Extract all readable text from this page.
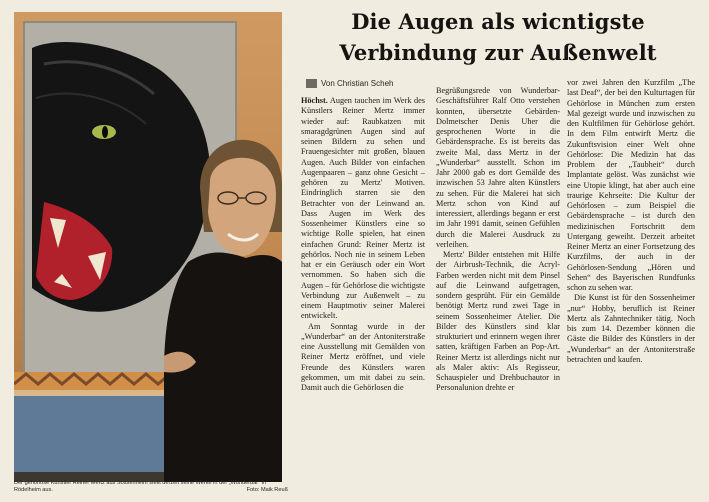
Der gehörlose Künstler Reiner Mertz aus Sossenheim stellt derzeit seine Werke in der „Wunderbar“ in Rödelheim aus.	Foto: Maik Reuß
Die Augen als wicntigste
Verbindung zur Außenwelt
Von Christian Scheh

Höchst. Augen tauchen im Werk des Künstlers Reiner Mertz immer wieder auf: Raubkatzen mit smaragdgrünen Augen sind auf seinen Bildern zu sehen und Frauengesichter mit großen, blauen Augen. Auch Bilder von einfachen Augenpaaren – ganz ohne Gesicht – gehören zu Mertz' Motiven. Eindringlich starren sie den Betrachter von der Leinwand an. Dass Augen im Werk des Sossenheimer Künstlers eine so wichtige Rolle spielen, hat einen einfachen Grund: Reiner Mertz ist gehörlos. Noch nie in seinem Leben hat er ein Geräusch oder ein Wort vernommen. So haben sich die Augen – für Gehörlose die wichtigste Verbindung zur Außenwelt – zu einem Hauptmotiv seiner Malerei entwickelt.

Am Sonntag wurde in der „Wunderbar“ an der Antoniterstraße eine Ausstellung mit Gemälden von Reiner Mertz eröffnet, und viele Freunde des Künstlers waren gekommen, um mit dabei zu sein. Damit auch die Gehörlosen die

Begrüßungsrede von Wunderbar-Geschäftsführer Ralf Otto verstehen konnten, übersetzte Gebärden-Dolmetscher Denis Uher die gesprochenen Worte in die Gebärdensprache. Es ist bereits das zweite Mal, dass Mertz in der „Wunderbar“ ausstellt. Schon im Jahr 2000 gab es dort Gemälde des inzwischen 53 Jahre alten Künstlers zu sehen. Für die Malerei hat sich Mertz schon von Kind auf interessiert, allerdings begann er erst im Jahr 1991 damit, seinen Gefühlen durch die Malerei Ausdruck zu verleihen.

Mertz' Bilder entstehen mit Hilfe der Airbrush-Technik, die Acryl-Farben werden nicht mit dem Pinsel auf die Leinwand aufgetragen, sondern gesprüht. Für ein Gemälde benötigt Mertz rund zwei Tage in seinem Sossenheimer Atelier. Die Bilder des Künstlers sind klar strukturiert und erinnern wegen ihrer satten, kräftigen Farben an Pop-Art. Reiner Mertz ist allerdings nicht nur als Maler aktiv: Als Regisseur, Schauspieler und Drehbuchautor in Personalunion drehte er

vor zwei Jahren den Kurzfilm „The last Deaf“, der bei den Kulturtagen für Gehörlose in München zum ersten Mal gezeigt wurde und inzwischen zu den Kultfilmen für Gehörlose gehört. In dem Film entwirft Mertz die Zukunftsvision einer Welt ohne Gehörlose: Die Medizin hat das Problem der „Taubheit“ durch Implantate gelöst. Was zunächst wie eine Utopie klingt, hat aber auch eine traurige Kehrseite: Die Kultur der Gehörlosen – zum Beispiel die Gebärdensprache – ist durch den medizinischen Fortschritt dem Untergang geweiht. Derzeit arbeitet Reiner Mertz an einer Fortsetzung des Kurzfilms, der auch in der Gehörlosen-Sendung „Hören und Sehen“ des Bayerischen Rundfunks schon zu sehen war.

Die Kunst ist für den Sossenheimer „nur“ Hobby, beruflich ist Reiner Mertz als Zahntechniker tätig. Noch bis zum 14. Dezember können die Gäste die Bilder des Künstlers in der „Wunderbar“ an der Antoniterstraße betrachten und kaufen.
